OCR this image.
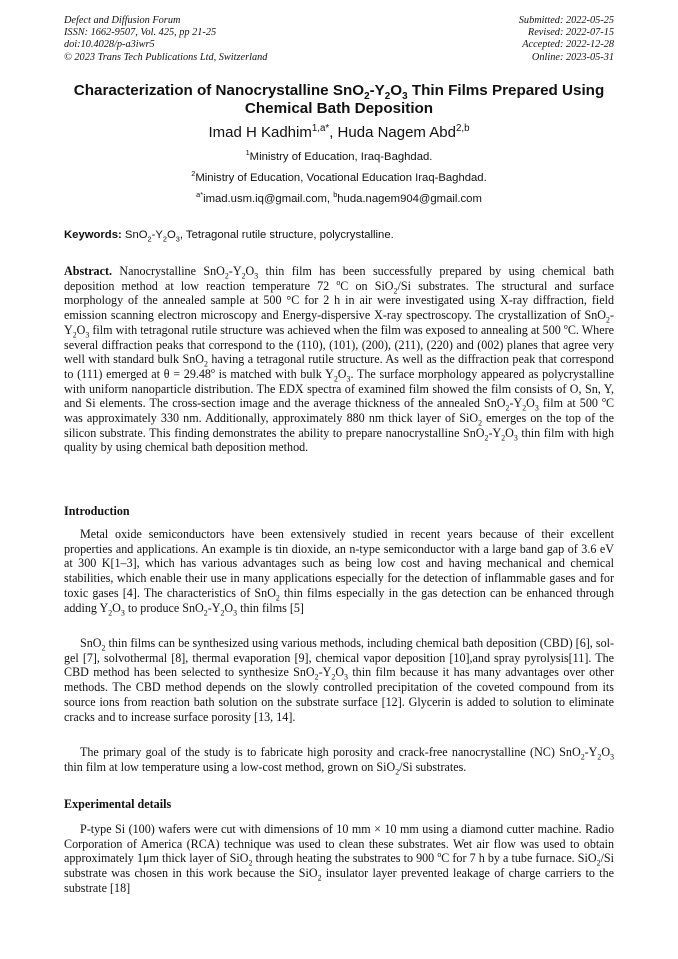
Defect and Diffusion Forum
ISSN: 1662-9507, Vol. 425, pp 21-25
doi:10.4028/p-a3iwr5
© 2023 Trans Tech Publications Ltd, Switzerland
Submitted: 2022-05-25
Revised: 2022-07-15
Accepted: 2022-12-28
Online: 2023-05-31
Characterization of Nanocrystalline $SnO_2-Y_2O_3$ Thin Films Prepared Using Chemical Bath Deposition
Imad H Kadhim$^{1,a*}$, Huda Nagem Abd$^{2,b}$
$^1$Ministry of Education, Iraq-Baghdad.
$^2$Ministry of Education, Vocational Education Iraq-Baghdad.
$^{a*}$imad.usm.iq@gmail.com, $^b$huda.nagem904@gmail.com
Keywords: $SnO_2-Y_2O_3$, Tetragonal rutile structure, polycrystalline.
Abstract. Nanocrystalline $SnO_2-Y_2O_3$ thin film has been successfully prepared by using chemical bath deposition method at low reaction temperature 72 $^o$C on SiO$_2$/Si substrates. The structural and surface morphology of the annealed sample at 500 °C for 2 h in air were investigated using X-ray diffraction, field emission scanning electron microscopy and Energy-dispersive X-ray spectroscopy. The crystallization of $SnO_2-Y_2O_3$ film with tetragonal rutile structure was achieved when the film was exposed to annealing at 500 $^o$C. Where several diffraction peaks that correspond to the (110), (101), (200), (211), (220) and (002) planes that agree very well with standard bulk SnO$_2$ having a tetragonal rutile structure. As well as the diffraction peak that correspond to (111) emerged at $\theta = 29.48^o$ is matched with bulk $Y_2O_3$. The surface morphology appeared as polycrystalline with uniform nanoparticle distribution. The EDX spectra of examined film showed the film consists of O, Sn, Y, and Si elements. The cross-section image and the average thickness of the annealed $SnO_2-Y_2O_3$ film at 500 $^o$C was approximately 330 nm. Additionally, approximately 880 nm thick layer of SiO$_2$ emerges on the top of the silicon substrate. This finding demonstrates the ability to prepare nanocrystalline $SnO_2-Y_2O_3$ thin film with high quality by using chemical bath deposition method.
Introduction
Metal oxide semiconductors have been extensively studied in recent years because of their excellent properties and applications. An example is tin dioxide, an n-type semiconductor with a large band gap of 3.6 eV at 300 K[1–3], which has various advantages such as being low cost and having mechanical and chemical stabilities, which enable their use in many applications especially for the detection of inflammable gases and for toxic gases [4]. The characteristics of SnO$_2$ thin films especially in the gas detection can be enhanced through adding $Y_2O_3$ to produce $SnO_2-Y_2O_3$ thin films [5]
SnO$_2$ thin films can be synthesized using various methods, including chemical bath deposition (CBD) [6], sol-gel [7], solvothermal [8], thermal evaporation [9], chemical vapor deposition [10],and spray pyrolysis[11]. The CBD method has been selected to synthesize $SnO_2-Y_2O_3$ thin film because it has many advantages over other methods. The CBD method depends on the slowly controlled precipitation of the coveted compound from its source ions from reaction bath solution on the substrate surface [12]. Glycerin is added to solution to eliminate cracks and to increase surface porosity [13, 14].
The primary goal of the study is to fabricate high porosity and crack-free nanocrystalline (NC) $SnO_2-Y_2O_3$ thin film at low temperature using a low-cost method, grown on SiO$_2$/Si substrates.
Experimental details
P-type Si (100) wafers were cut with dimensions of 10 mm × 10 mm using a diamond cutter machine. Radio Corporation of America (RCA) technique was used to clean these substrates. Wet air flow was used to obtain approximately 1μm thick layer of SiO$_2$ through heating the substrates to 900 $^o$C for 7 h by a tube furnace. SiO$_2$/Si substrate was chosen in this work because the SiO$_2$ insulator layer prevented leakage of charge carriers to the substrate [18]
